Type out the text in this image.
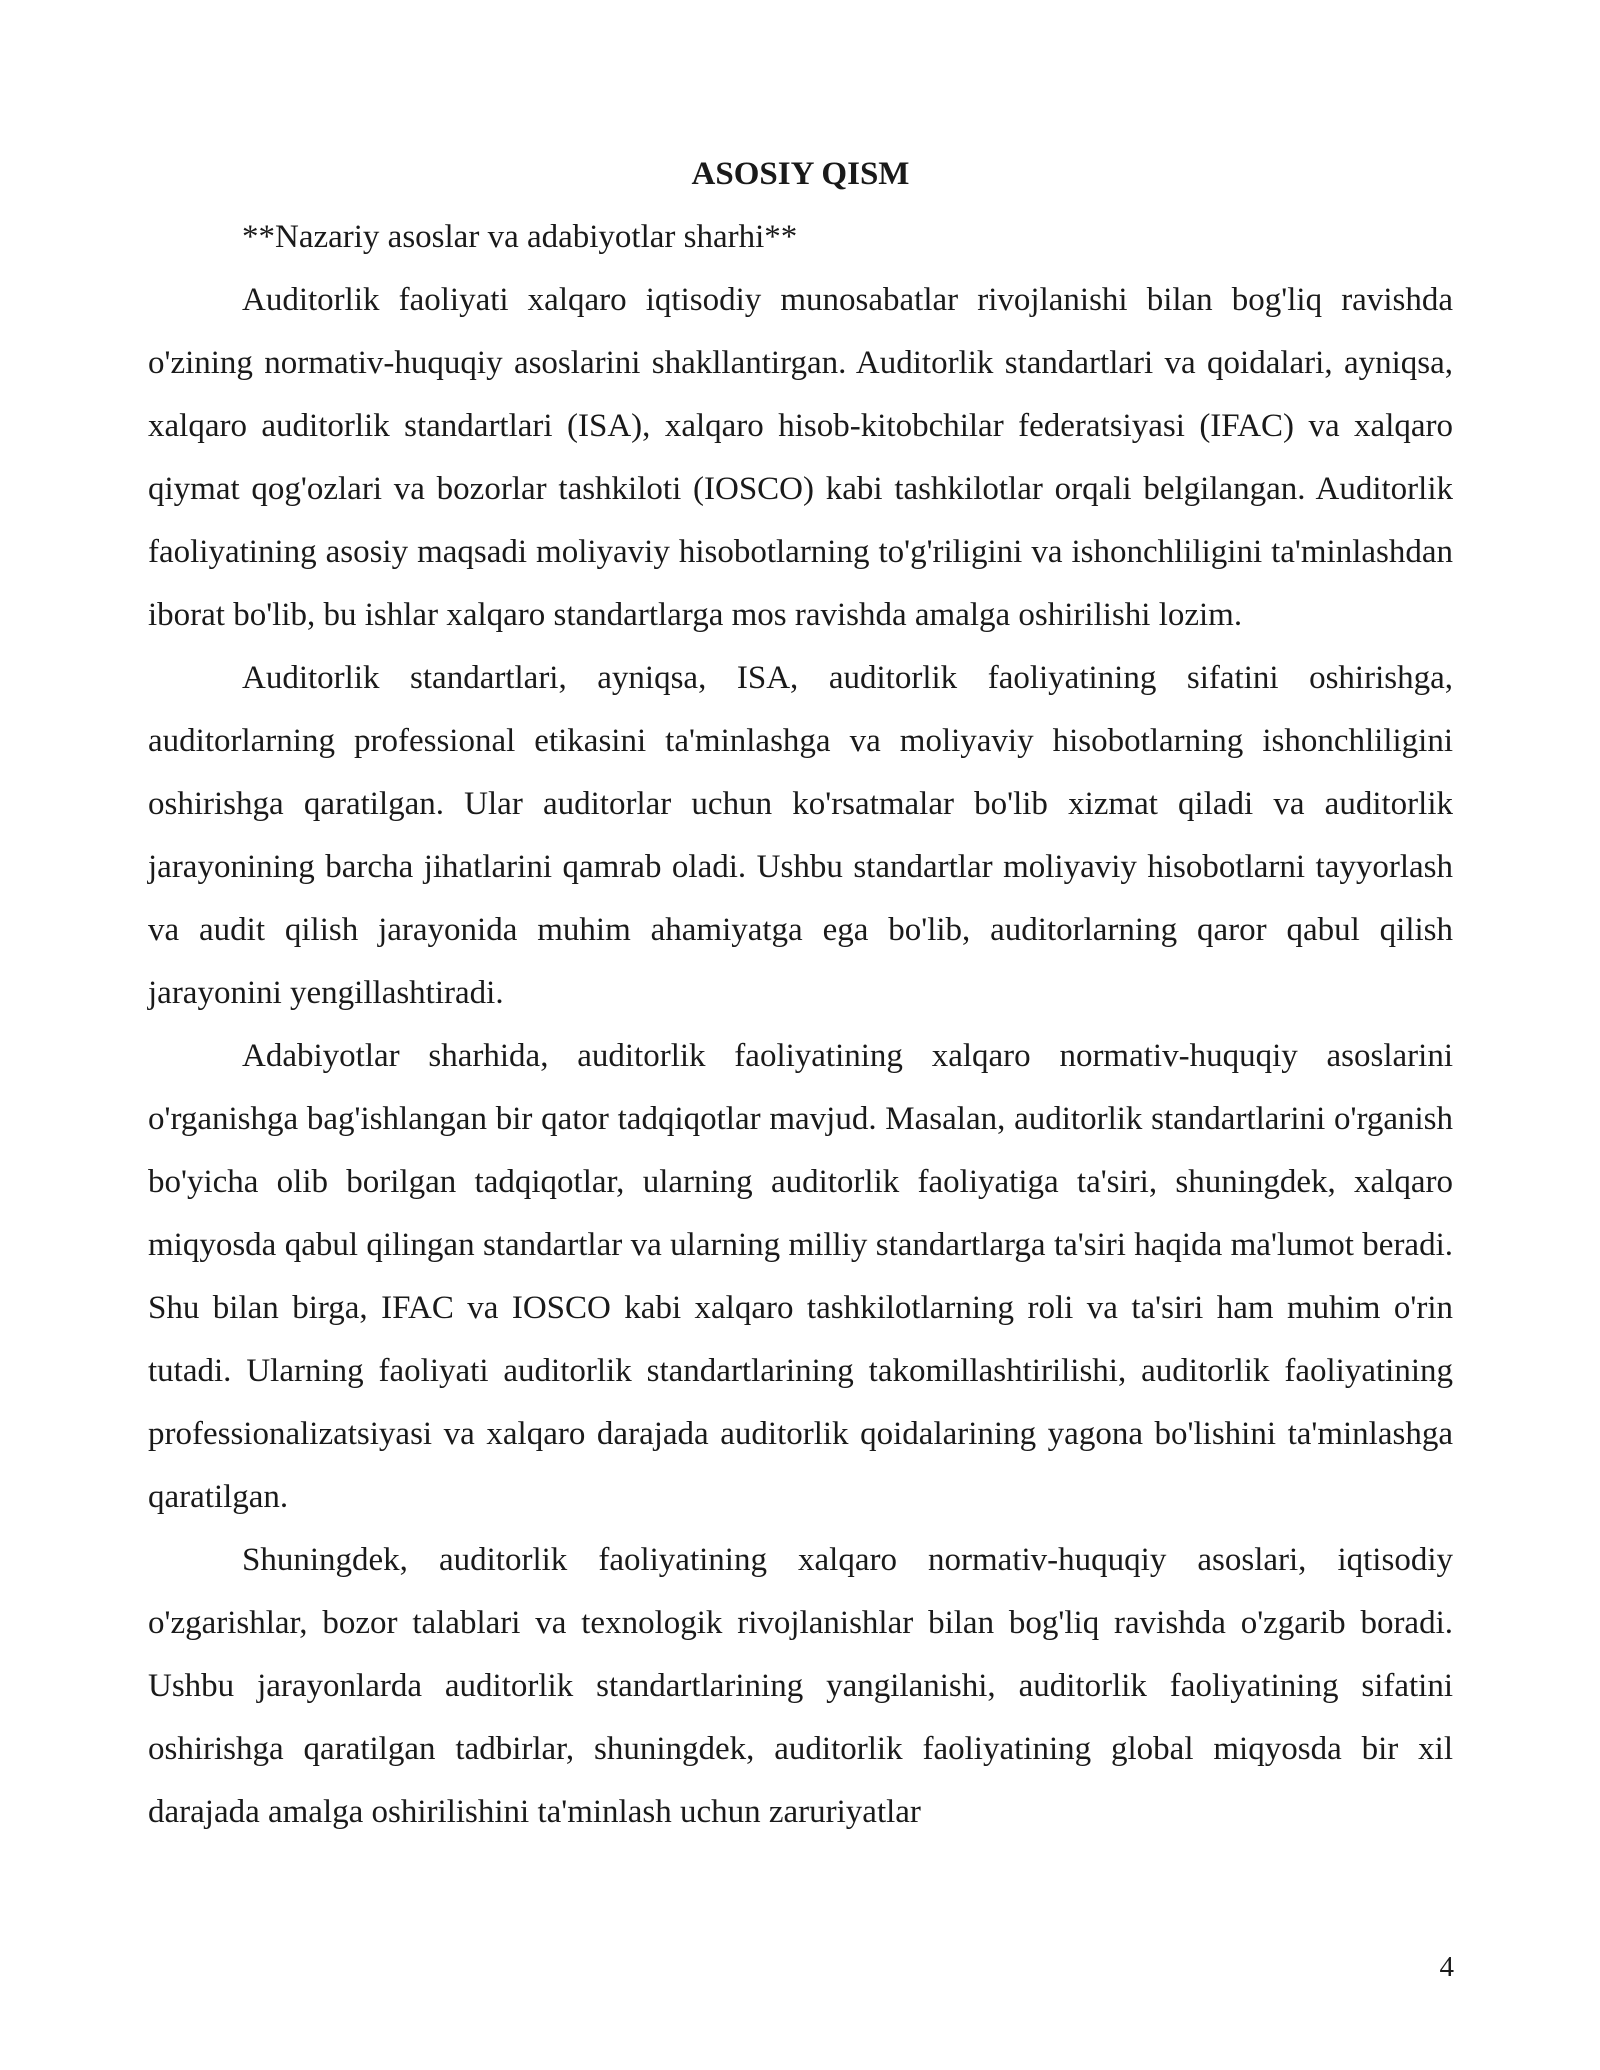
ASOSIY QISM

**Nazariy asoslar va adabiyotlar sharhi**

Auditorlik faoliyati xalqaro iqtisodiy munosabatlar rivojlanishi bilan bog'liq ravishda o'zining normativ-huquqiy asoslarini shakllantirgan. Auditorlik standartlari va qoidalari, ayniqsa, xalqaro auditorlik standartlari (ISA), xalqaro hisob-kitobchilar federatsiyasi (IFAC) va xalqaro qiymat qog'ozlari va bozorlar tashkiloti (IOSCO) kabi tashkilotlar orqali belgilangan. Auditorlik faoliyatining asosiy maqsadi moliyaviy hisobotlarning to'g'riligini va ishonchliligini ta'minlashdan iborat bo'lib, bu ishlar xalqaro standartlarga mos ravishda amalga oshirilishi lozim.

Auditorlik standartlari, ayniqsa, ISA, auditorlik faoliyatining sifatini oshirishga, auditorlarning professional etikasini ta'minlashga va moliyaviy hisobotlarning ishonchliligini oshirishga qaratilgan. Ular auditorlar uchun ko'rsatmalar bo'lib xizmat qiladi va auditorlik jarayonining barcha jihatlarini qamrab oladi. Ushbu standartlar moliyaviy hisobotlarni tayyorlash va audit qilish jarayonida muhim ahamiyatga ega bo'lib, auditorlarning qaror qabul qilish jarayonini yengillashtiradi.

Adabiyotlar sharhida, auditorlik faoliyatining xalqaro normativ-huquqiy asoslarini o'rganishga bag'ishlangan bir qator tadqiqotlar mavjud. Masalan, auditorlik standartlarini o'rganish bo'yicha olib borilgan tadqiqotlar, ularning auditorlik faoliyatiga ta'siri, shuningdek, xalqaro miqyosda qabul qilingan standartlar va ularning milliy standartlarga ta'siri haqida ma'lumot beradi. Shu bilan birga, IFAC va IOSCO kabi xalqaro tashkilotlarning roli va ta'siri ham muhim o'rin tutadi. Ularning faoliyati auditorlik standartlarining takomillashtirilishi, auditorlik faoliyatining professionalizatsiyasi va xalqaro darajada auditorlik qoidalarining yagona bo'lishini ta'minlashga qaratilgan.

Shuningdek, auditorlik faoliyatining xalqaro normativ-huquqiy asoslari, iqtisodiy o'zgarishlar, bozor talablari va texnologik rivojlanishlar bilan bog'liq ravishda o'zgarib boradi. Ushbu jarayonlarda auditorlik standartlarining yangilanishi, auditorlik faoliyatining sifatini oshirishga qaratilgan tadbirlar, shuningdek, auditorlik faoliyatining global miqyosda bir xil darajada amalga oshirilishini ta'minlash uchun zaruriyatlar

4
